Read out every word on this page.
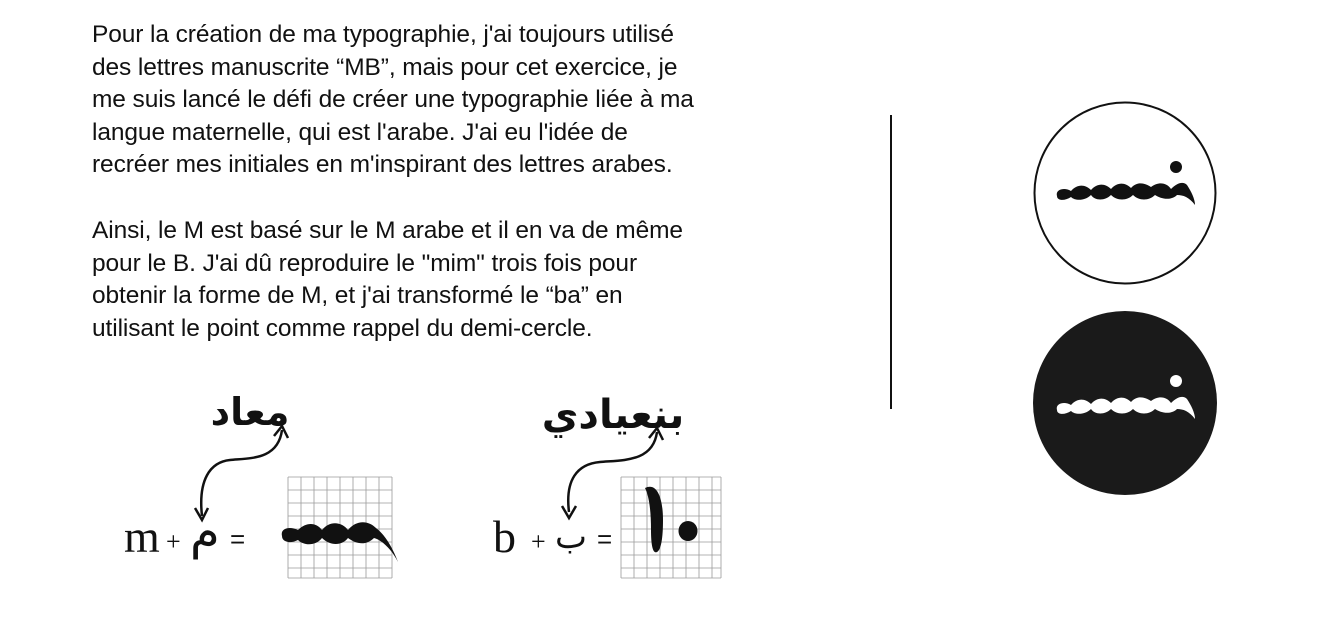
Pour la création de ma typographie, j'ai toujours utilisé
des lettres manuscrite “MB”, mais pour cet exercice, je
me suis lancé le défi de créer une typographie liée à ma
langue maternelle, qui est l'arabe. J'ai eu l'idée de
recréer mes initiales en m'inspirant des lettres arabes.
Ainsi, le M est basé sur le M arabe et il en va de même
pour le B. J'ai dû reproduire le "mim" trois fois pour
obtenir la forme de M, et j'ai transformé le “ba” en
utilisant le point comme rappel du demi-cercle.
معاد
m + م =
بنعيادي
b + ب =
